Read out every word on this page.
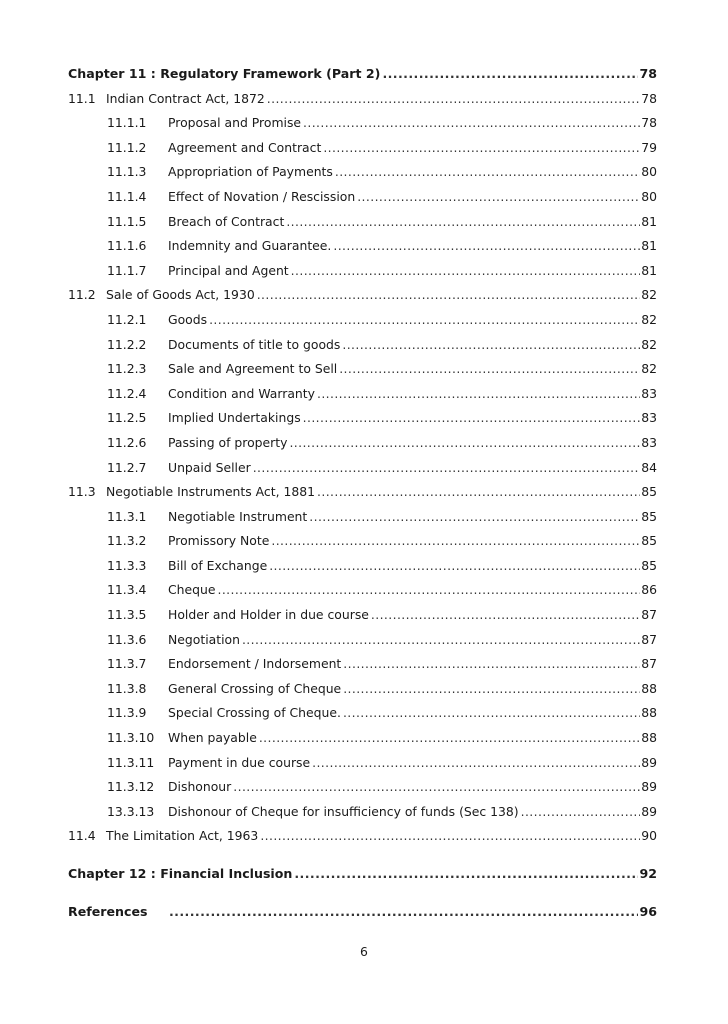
Chapter 11 : Regulatory Framework (Part 2) .....	78
11.1 Indian Contract Act, 1872 .....	78
11.1.1 Proposal and Promise .....	78
11.1.2 Agreement and Contract .....	79
11.1.3 Appropriation of Payments .....	80
11.1.4 Effect of Novation / Rescission .....	80
11.1.5 Breach of Contract .....	81
11.1.6 Indemnity and Guarantee. .....	81
11.1.7 Principal and Agent .....	81
11.2 Sale of Goods Act, 1930 .....	82
11.2.1 Goods .....	82
11.2.2 Documents of title to goods .....	82
11.2.3 Sale and Agreement to Sell .....	82
11.2.4 Condition and Warranty .....	83
11.2.5 Implied Undertakings .....	83
11.2.6 Passing of property .....	83
11.2.7 Unpaid Seller .....	84
11.3 Negotiable Instruments Act, 1881 .....	85
11.3.1 Negotiable Instrument .....	85
11.3.2 Promissory Note .....	85
11.3.3 Bill of Exchange .....	85
11.3.4 Cheque .....	86
11.3.5 Holder and Holder in due course .....	87
11.3.6 Negotiation .....	87
11.3.7 Endorsement / Indorsement .....	87
11.3.8 General Crossing of Cheque .....	88
11.3.9 Special Crossing of Cheque. .....	88
11.3.10 When payable .....	88
11.3.11 Payment in due course .....	89
11.3.12 Dishonour .....	89
13.3.13 Dishonour of Cheque for insufficiency of funds (Sec 138) .....	89
11.4 The Limitation Act, 1963 .....	90
Chapter 12 : Financial Inclusion .....	92
References .....	96
6
